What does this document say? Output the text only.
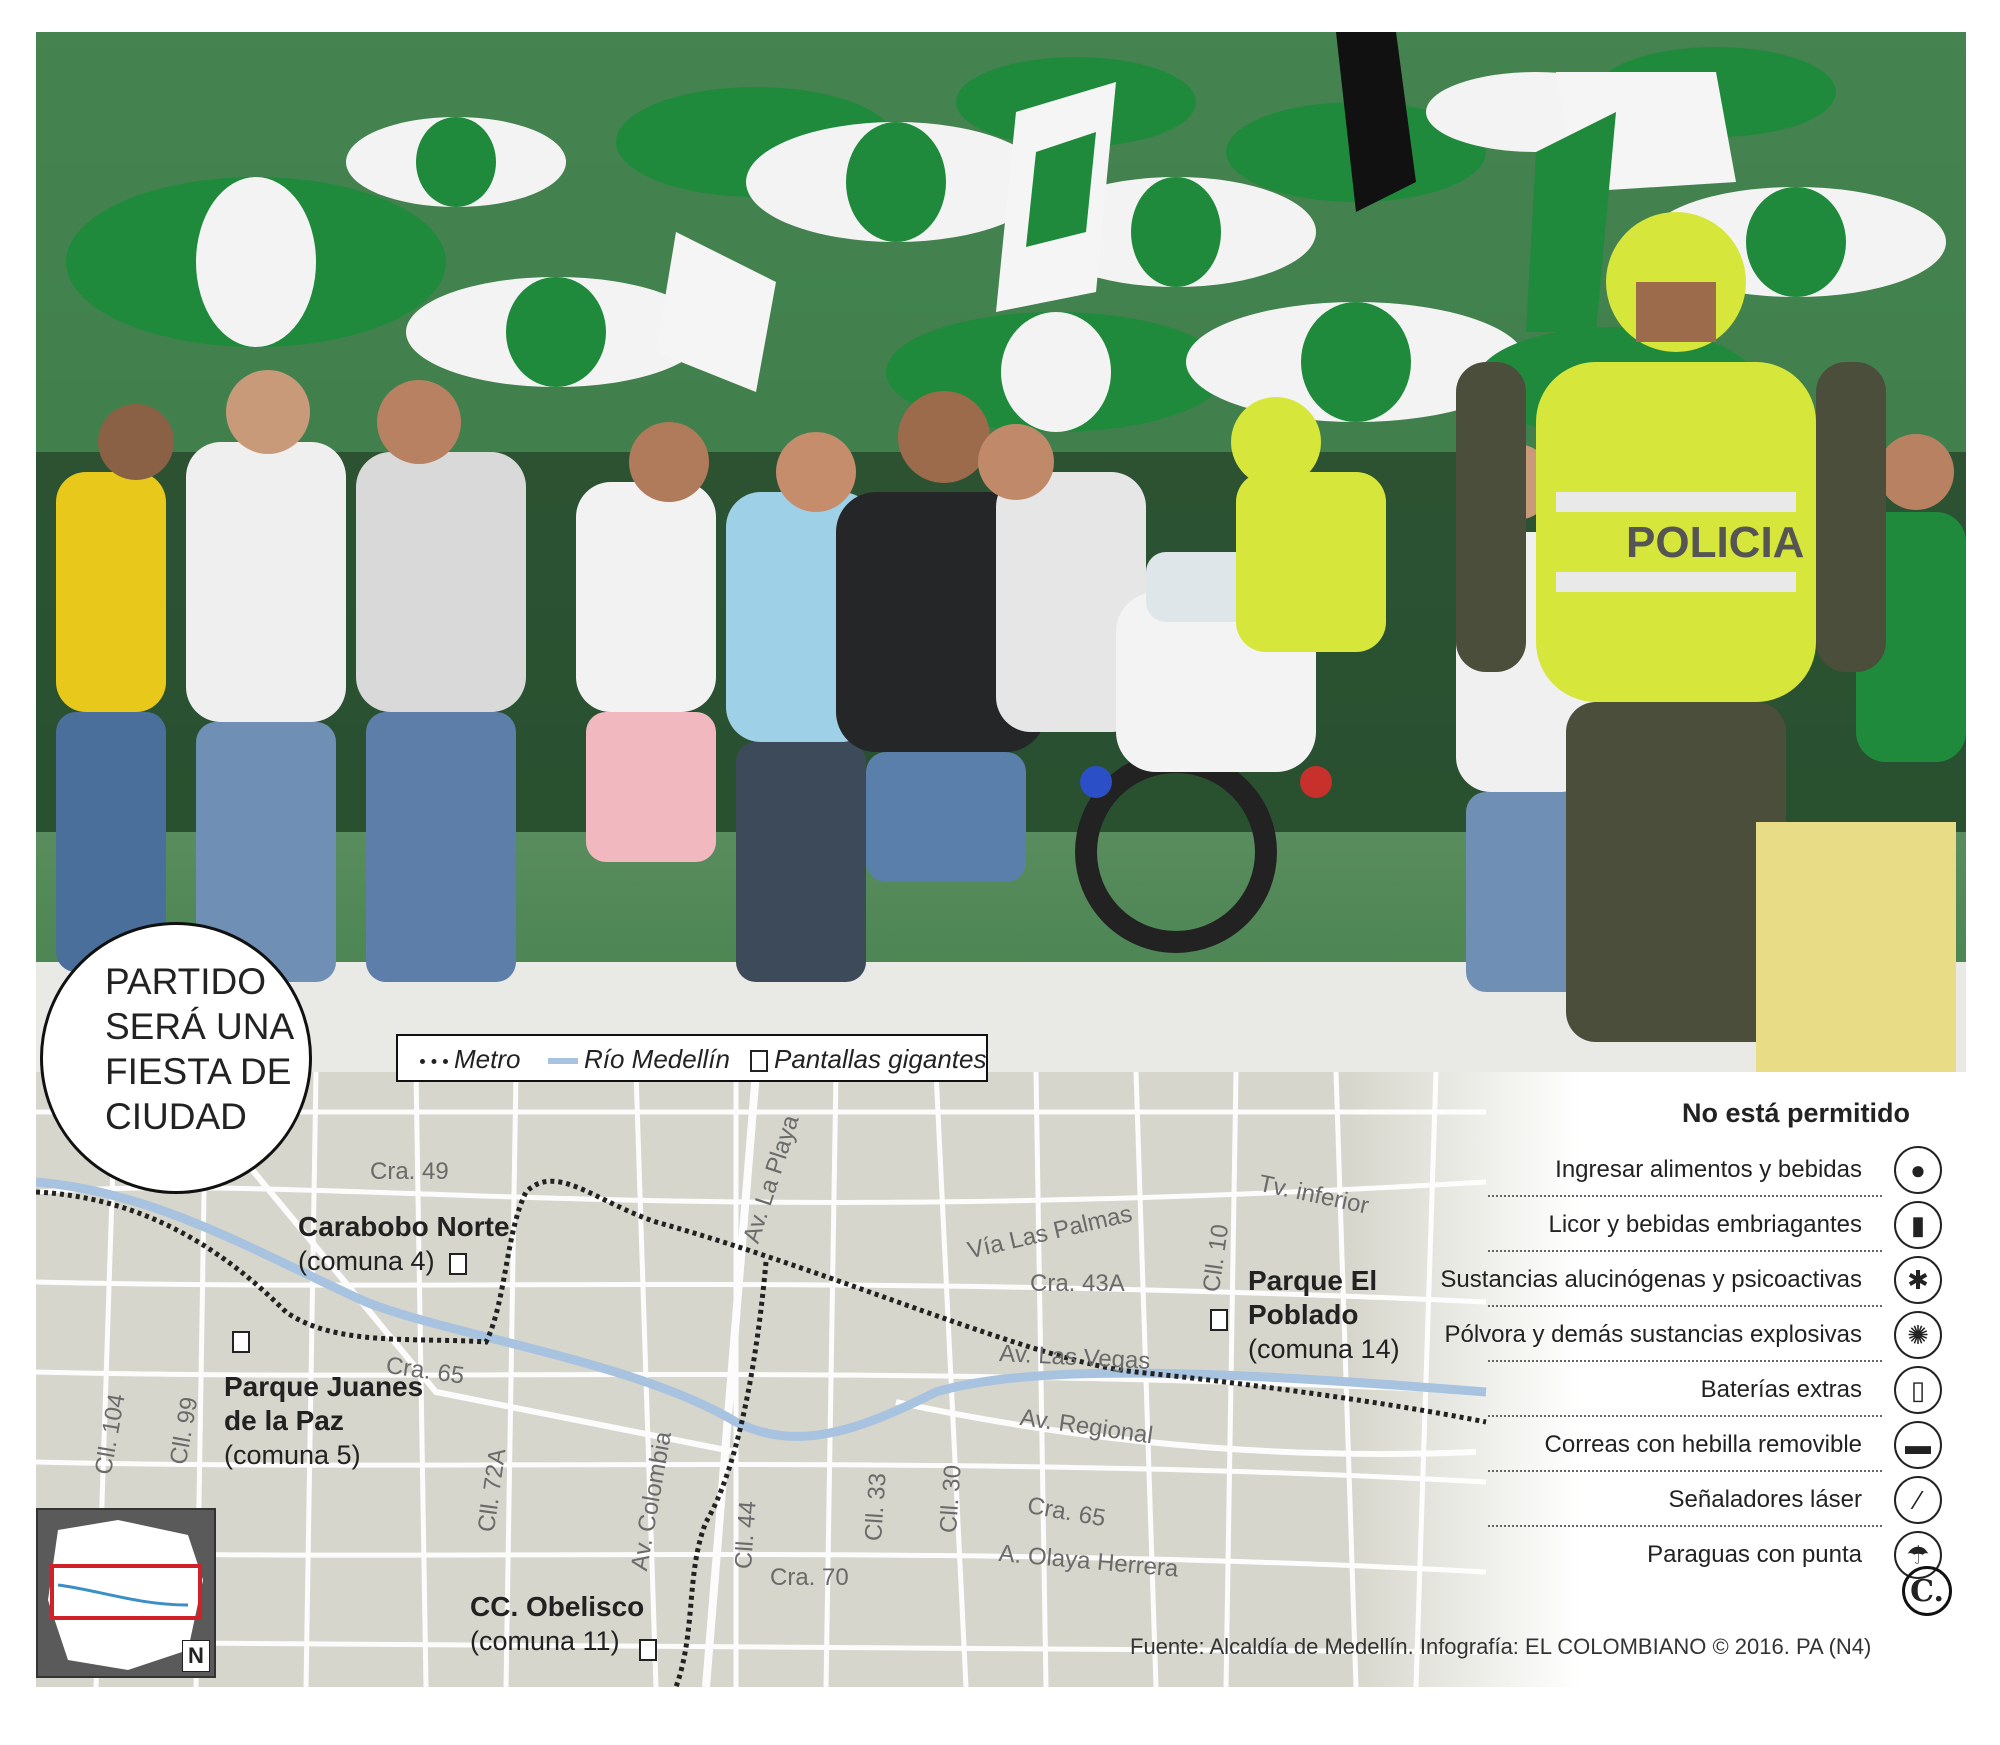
POLICIA
Cra. 49	Av. La Playa	Vía Las Palmas
Tv. inferior
Cll. 10
Cra. 43A
Av. Las Vegas
Cra. 65
Av. Regional
Cll. 104 Cll. 99
Cll. 72A	Av. Colombia Cll. 44	Cll. 33 Cll. 30 Cra. 65
Cra. 70	A. Olaya Herrera
Carabobo Norte
(comuna 4)
Parque El Poblado
(comuna 14)
Parque Juanes de la Paz
(comuna 5)
CC. Obelisco
(comuna 11)
PARTIDO SERÁ UNA FIESTA DE CIUDAD
Metro	Río Medellín	Pantallas gigantes
No está permitido
Ingresar alimentos y bebidas	●
Licor y bebidas embriagantes	▮
Sustancias alucinógenas y psicoactivas	✱
Pólvora y demás sustancias explosivas	✺
Baterías extras	▯
Correas con hebilla removible	▬
Señaladores láser	⁄
Paraguas con punta	☂
C.
Fuente: Alcaldía de Medellín. Infografía: EL COLOMBIANO © 2016. PA (N4)
N
